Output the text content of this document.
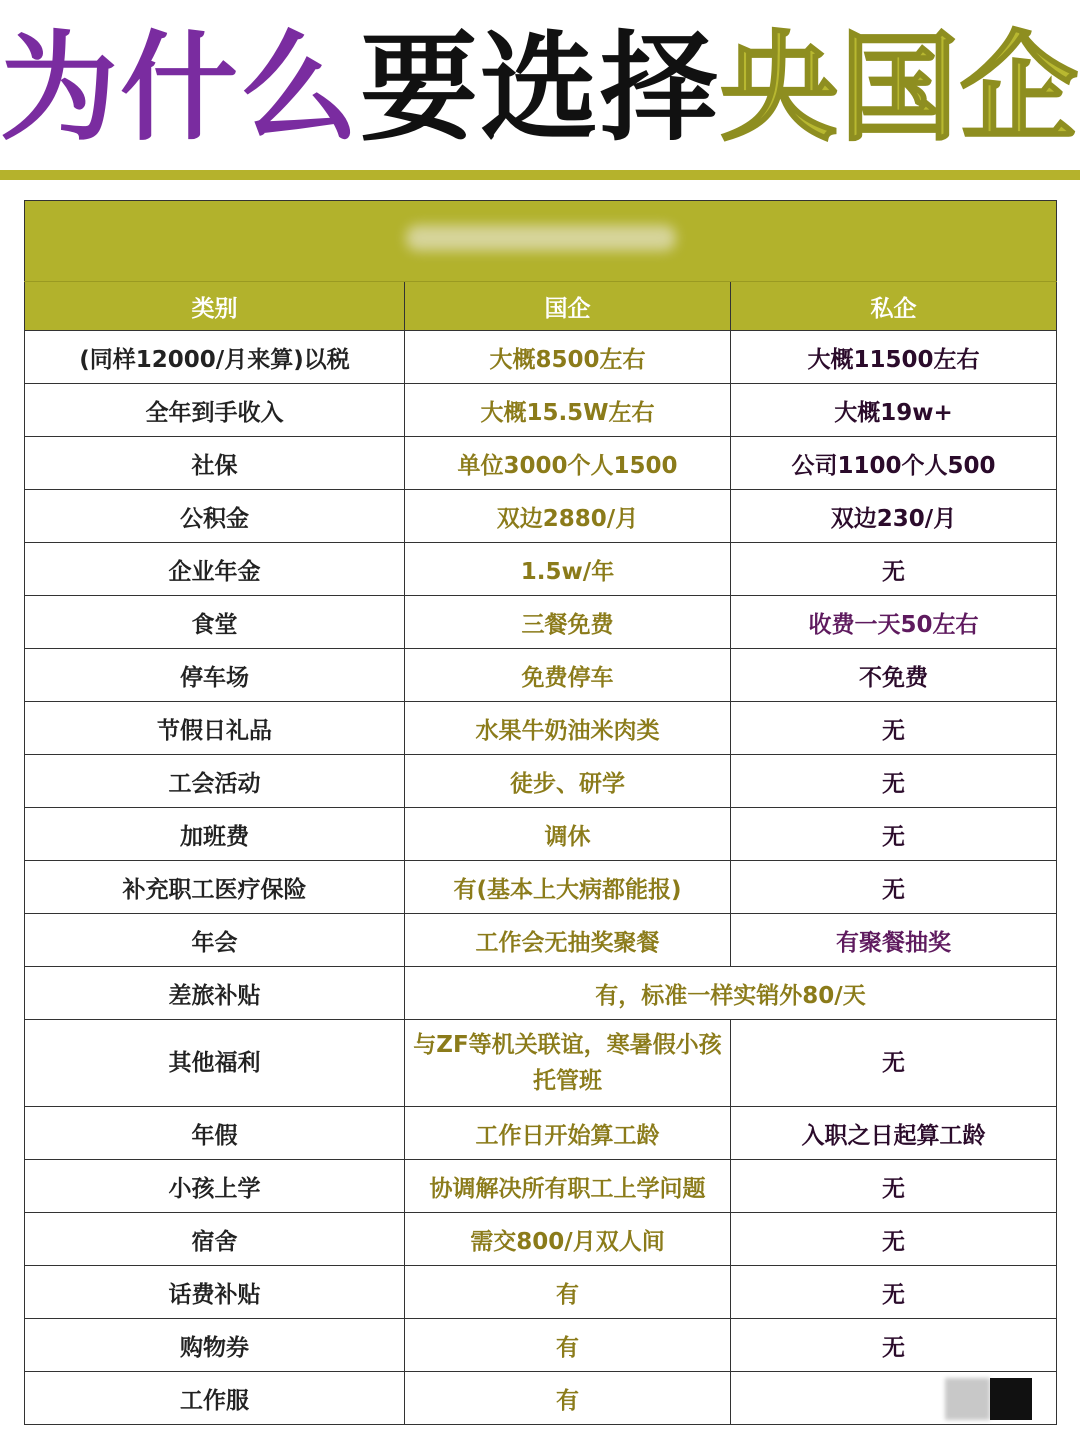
为什么要选择央国企

类别	国企	私企
(同样12000/月来算)以税	大概8500左右	大概11500左右
全年到手收入	大概15.5W左右	大概19w+
社保	单位3000个人1500	公司1100个人500
公积金	双边2880/月	双边230/月
企业年金	1.5w/年	无
食堂	三餐免费	收费一天50左右
停车场	免费停车	不免费
节假日礼品	水果牛奶油米肉类	无
工会活动	徒步、研学	无
加班费	调休	无
补充职工医疗保险	有(基本上大病都能报)	无
年会	工作会无抽奖聚餐	有聚餐抽奖
差旅补贴	有，标准一样实销外80/天	
其他福利	与ZF等机关联谊，寒暑假小孩托管班	无
年假	工作日开始算工龄	入职之日起算工龄
小孩上学	协调解决所有职工上学问题	无
宿舍	需交800/月双人间	无
话费补贴	有	无
购物券	有	无
工作服	有	
